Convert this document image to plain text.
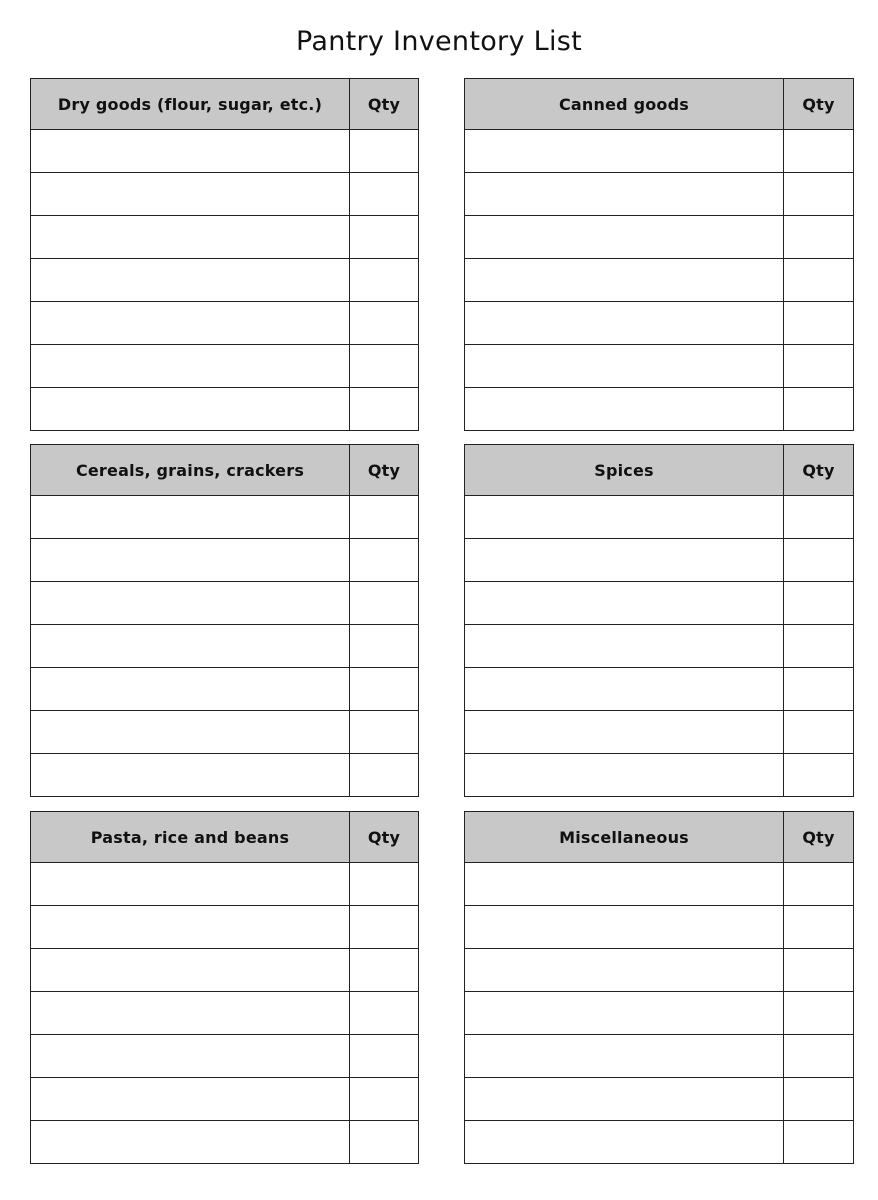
Pantry Inventory List
Dry goods (flour, sugar, etc.)	Qty

		Canned goods	Qty

Cereals, grains, crackers	Qty

		Spices	Qty

Pasta, rice and beans	Qty

		Miscellaneous	Qty
